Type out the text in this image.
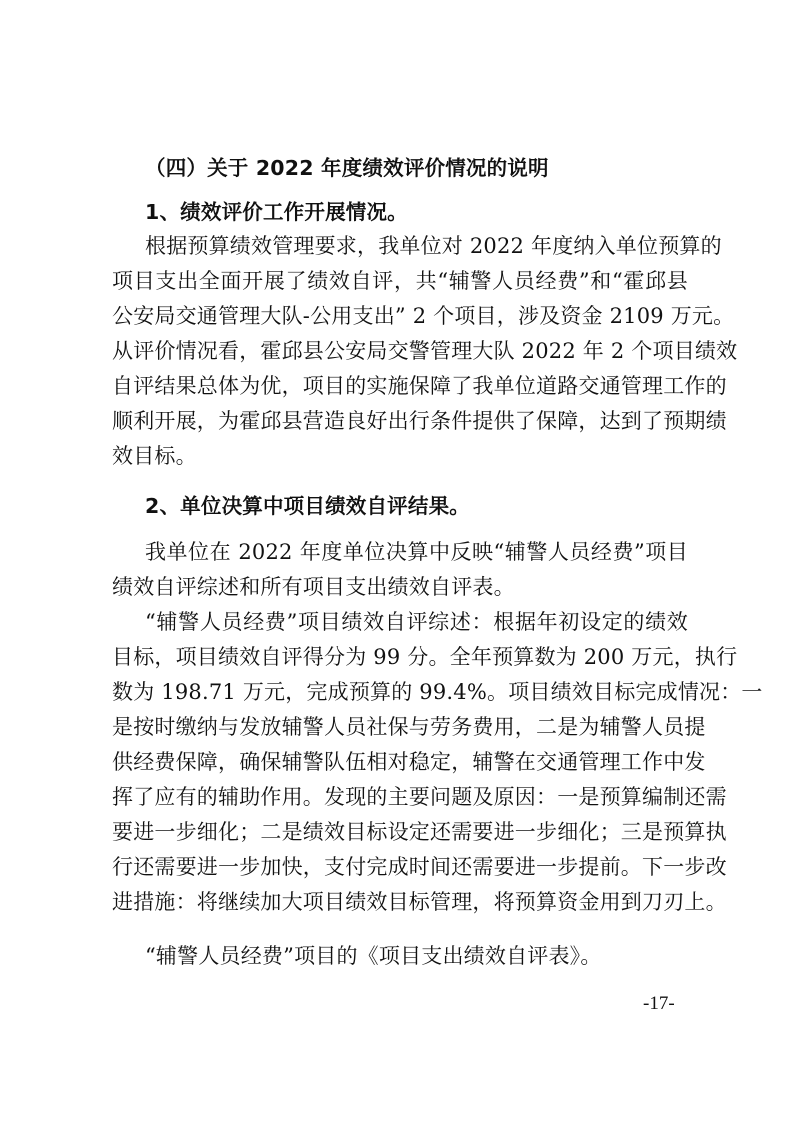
（四）关于 2022 年度绩效评价情况的说明
1、绩效评价工作开展情况。
根据预算绩效管理要求，我单位对 2022 年度纳入单位预算的
项目支出全面开展了绩效自评，共“辅警人员经费”和“霍邱县
公安局交通管理大队-公用支出” 2 个项目，涉及资金 2109 万元。
从评价情况看，霍邱县公安局交警管理大队 2022 年 2 个项目绩效
自评结果总体为优，项目的实施保障了我单位道路交通管理工作的
顺利开展，为霍邱县营造良好出行条件提供了保障，达到了预期绩
效目标。
2、单位决算中项目绩效自评结果。
我单位在 2022 年度单位决算中反映“辅警人员经费”项目
绩效自评综述和所有项目支出绩效自评表。
“辅警人员经费”项目绩效自评综述：根据年初设定的绩效
目标，项目绩效自评得分为 99 分。全年预算数为 200 万元，执行
数为 198.71 万元，完成预算的 99.4%。项目绩效目标完成情况：一
是按时缴纳与发放辅警人员社保与劳务费用，二是为辅警人员提
供经费保障，确保辅警队伍相对稳定，辅警在交通管理工作中发
挥了应有的辅助作用。发现的主要问题及原因：一是预算编制还需
要进一步细化；二是绩效目标设定还需要进一步细化；三是预算执
行还需要进一步加快，支付完成时间还需要进一步提前。下一步改
进措施：将继续加大项目绩效目标管理，将预算资金用到刀刃上。
“辅警人员经费”项目的《项目支出绩效自评表》。
-17-
